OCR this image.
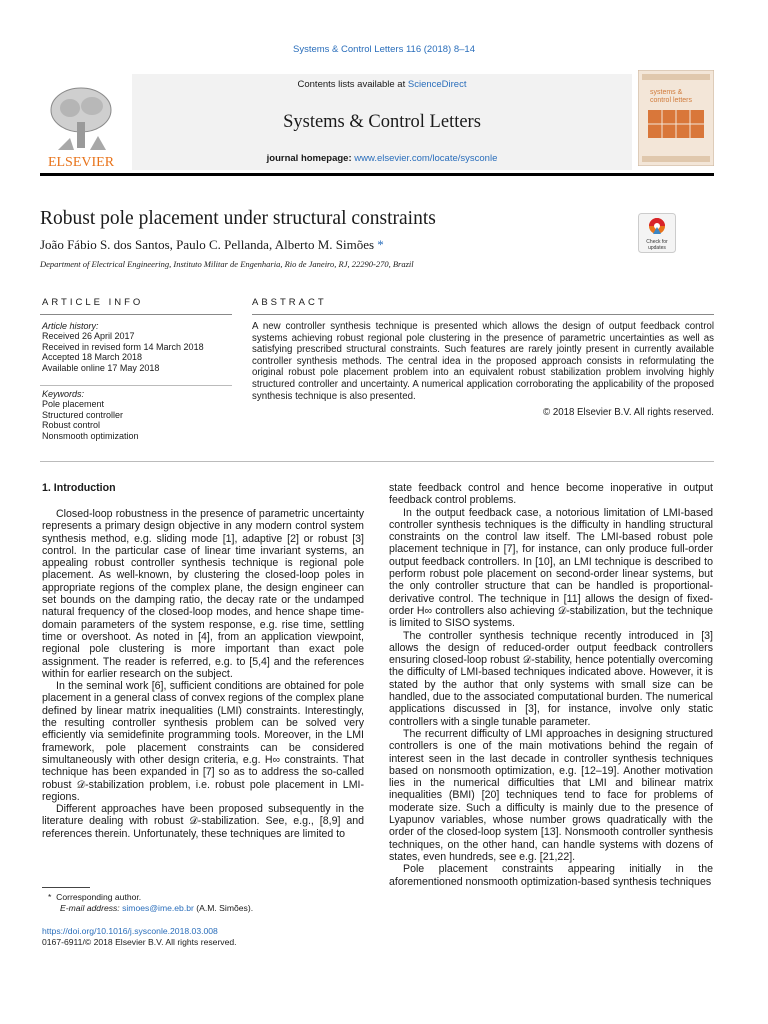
Systems & Control Letters 116 (2018) 8–14
ELSEVIER
Contents lists available at ScienceDirect
Systems & Control Letters
journal homepage: www.elsevier.com/locate/sysconle
systems &
control letters
Robust pole placement under structural constraints
João Fábio S. dos Santos, Paulo C. Pellanda, Alberto M. Simões *
Department of Electrical Engineering, Instituto Militar de Engenharia, Rio de Janeiro, RJ, 22290-270, Brazil
Check for
updates
ARTICLE INFO	ABSTRACT
Article history:
Received 26 April 2017
Received in revised form 14 March 2018
Accepted 18 March 2018
Available online 17 May 2018
Keywords:
Pole placement
Structured controller
Robust control
Nonsmooth optimization
A new controller synthesis technique is presented which allows the design of output feedback control systems achieving robust regional pole clustering in the presence of parametric uncertainties as well as satisfying prescribed structural constraints. Such features are rarely jointly present in currently available controller synthesis methods. The central idea in the proposed approach consists in reformulating the original robust pole placement problem into an equivalent robust stabilization problem involving highly structured controller and uncertainty. A numerical application corroborating the applicability of the proposed synthesis technique is also presented.
© 2018 Elsevier B.V. All rights reserved.
1. Introduction

Closed-loop robustness in the presence of parametric uncertainty represents a primary design objective in any modern control system synthesis method, e.g. sliding mode [1], adaptive [2] or robust [3] control. In the particular case of linear time invariant systems, an appealing robust controller synthesis technique is regional pole placement. As well-known, by clustering the closed-loop poles in appropriate regions of the complex plane, the design engineer can set bounds on the damping ratio, the decay rate or the undamped natural frequency of the closed-loop modes, and hence shape time-domain parameters of the system response, e.g. rise time, settling time or overshoot. As noted in [4], from an application viewpoint, regional pole clustering is more important than exact pole assignment. The reader is referred, e.g. to [5,4] and the references within for earlier research on the subject.

In the seminal work [6], sufficient conditions are obtained for pole placement in a general class of convex regions of the complex plane defined by linear matrix inequalities (LMI) constraints. Interestingly, the resulting controller synthesis problem can be solved very efficiently via semidefinite programming tools. Moreover, in the LMI framework, pole placement constraints can be considered simultaneously with other design criteria, e.g. H∞ constraints. That technique has been expanded in [7] so as to address the so-called robust 𝒟-stabilization problem, i.e. robust pole placement in LMI-regions.

Different approaches have been proposed subsequently in the literature dealing with robust 𝒟-stabilization. See, e.g., [8,9] and references therein. Unfortunately, these techniques are limited to

state feedback control and hence become inoperative in output feedback control problems.

In the output feedback case, a notorious limitation of LMI-based controller synthesis techniques is the difficulty in handling structural constraints on the control law itself. The LMI-based robust pole placement technique in [7], for instance, can only produce full-order output feedback controllers. In [10], an LMI technique is described to perform robust pole placement on second-order linear systems, but the only controller structure that can be handled is proportional-derivative control. The technique in [11] allows the design of fixed-order H∞ controllers also achieving 𝒟-stabilization, but the technique is limited to SISO systems.

The controller synthesis technique recently introduced in [3] allows the design of reduced-order output feedback controllers ensuring closed-loop robust 𝒟-stability, hence potentially overcoming the difficulty of LMI-based techniques indicated above. However, it is stated by the author that only systems with small size can be handled, due to the associated computational burden. The numerical applications discussed in [3], for instance, involve only static controllers with a single tunable parameter.

The recurrent difficulty of LMI approaches in designing structured controllers is one of the main motivations behind the regain of interest seen in the last decade in controller synthesis techniques based on nonsmooth optimization, e.g. [12–19]. Another motivation lies in the numerical difficulties that LMI and bilinear matrix inequalities (BMI) [20] techniques tend to face for problems of moderate size. Such a difficulty is mainly due to the presence of Lyapunov variables, whose number grows quadratically with the order of the closed-loop system [13]. Nonsmooth controller synthesis techniques, on the other hand, can handle systems with dozens of states, even hundreds, see e.g. [21,22].

Pole placement constraints appearing initially in the aforementioned nonsmooth optimization-based synthesis techniques

* Corresponding author.
E-mail address: simoes@ime.eb.br (A.M. Simões).
https://doi.org/10.1016/j.sysconle.2018.03.008
0167-6911/© 2018 Elsevier B.V. All rights reserved.
